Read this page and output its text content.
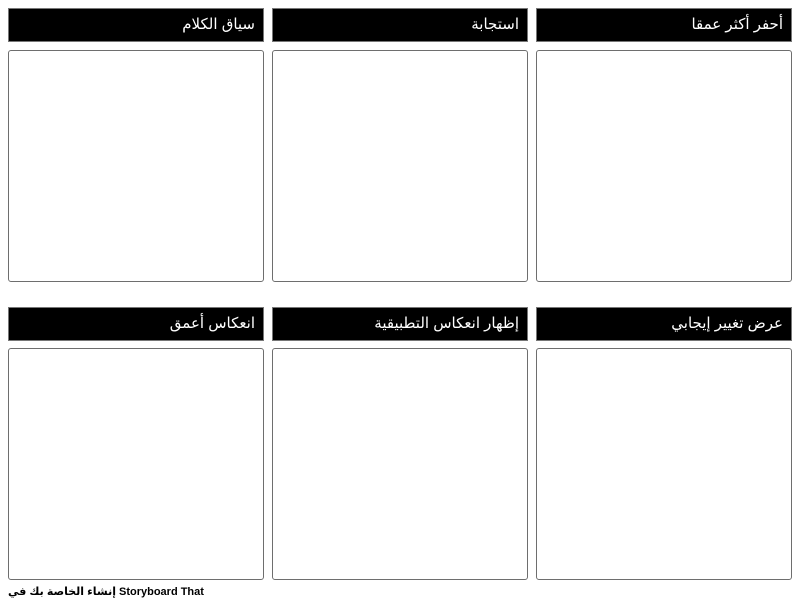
سياق الكلام	استجابة	أحفر أكثر عمقا
انعكاس أعمق	إظهار انعكاس التطبيقية	عرض تغيير إيجابي
إنشاء الخاصة بك في Storyboard That
